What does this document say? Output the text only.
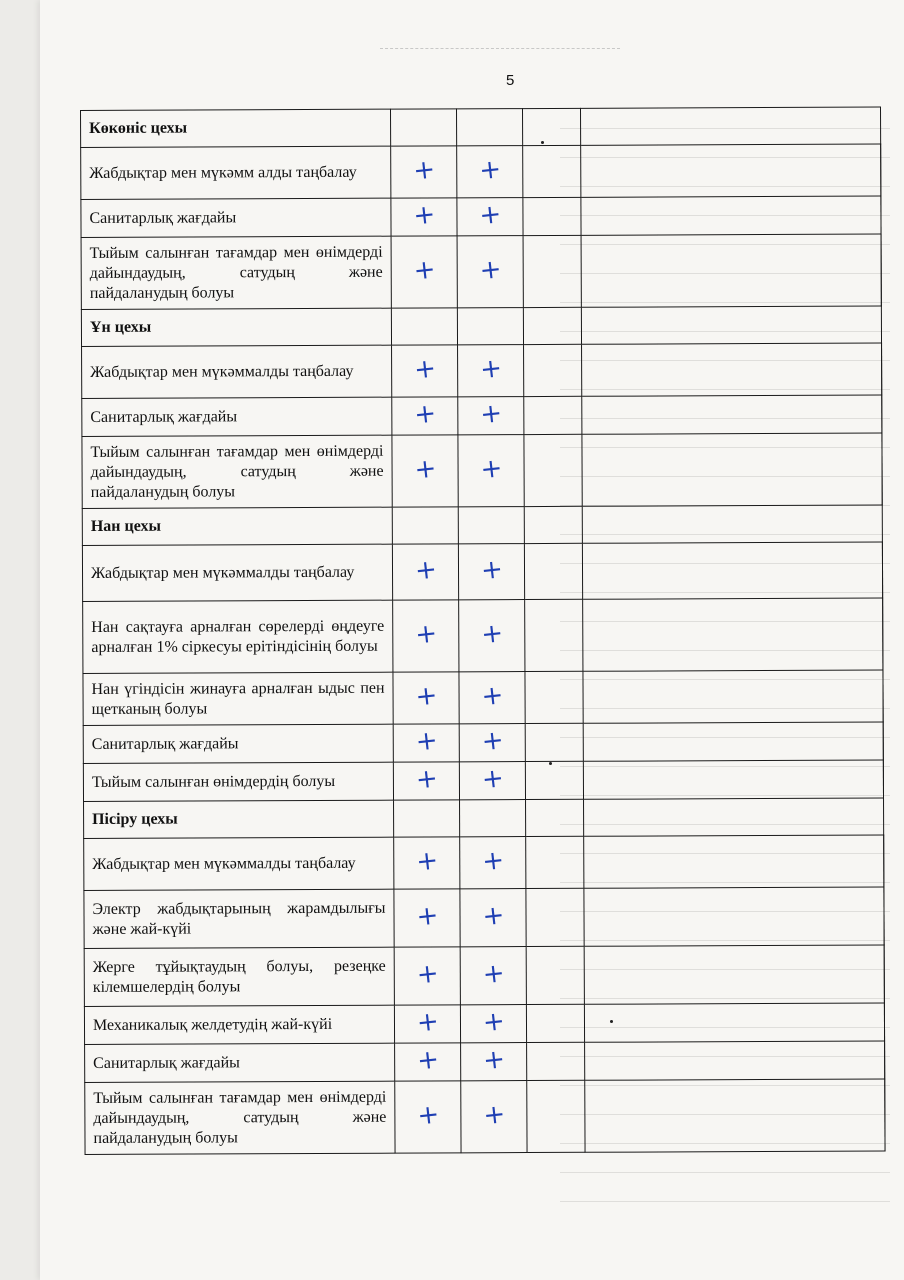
5
Көкөніс цехы					
Жабдықтар мен мүкәмм алды таңбалау	+	+			
Санитарлық жағдайы	+	+			
Тыйым салынған тағамдар мен өнімдерді дайындаудың, сатудың және пайдаланудың болуы	+	+			
Ұн цехы					
Жабдықтар мен мүкәммалды таңбалау	+	+			
Санитарлық жағдайы	+	+			
Тыйым салынған тағамдар мен өнімдерді дайындаудың, сатудың және пайдаланудың болуы	+	+			
Нан цехы					
Жабдықтар мен мүкәммалды таңбалау	+	+			
Нан сақтауға арналған сөрелерді өңдеуге арналған 1% сіркесуы ерітіндісінің болуы	+	+			
Нан үгіндісін жинауға арналған ыдыс пен щетканың болуы	+	+			
Санитарлық жағдайы	+	+			
Тыйым салынған өнімдердің болуы	+	+			
Пісіру цехы					
Жабдықтар мен мүкәммалды таңбалау	+	+			
Электр жабдықтарының жарамдылығы және жай-күйі	+	+			
Жерге тұйықтаудың болуы, резеңке кілемшелердің болуы	+	+			
Механикалық желдетудің жай-күйі	+	+			
Санитарлық жағдайы	+	+			
Тыйым салынған тағамдар мен өнімдерді дайындаудың, сатудың және пайдаланудың болуы	+	+			
